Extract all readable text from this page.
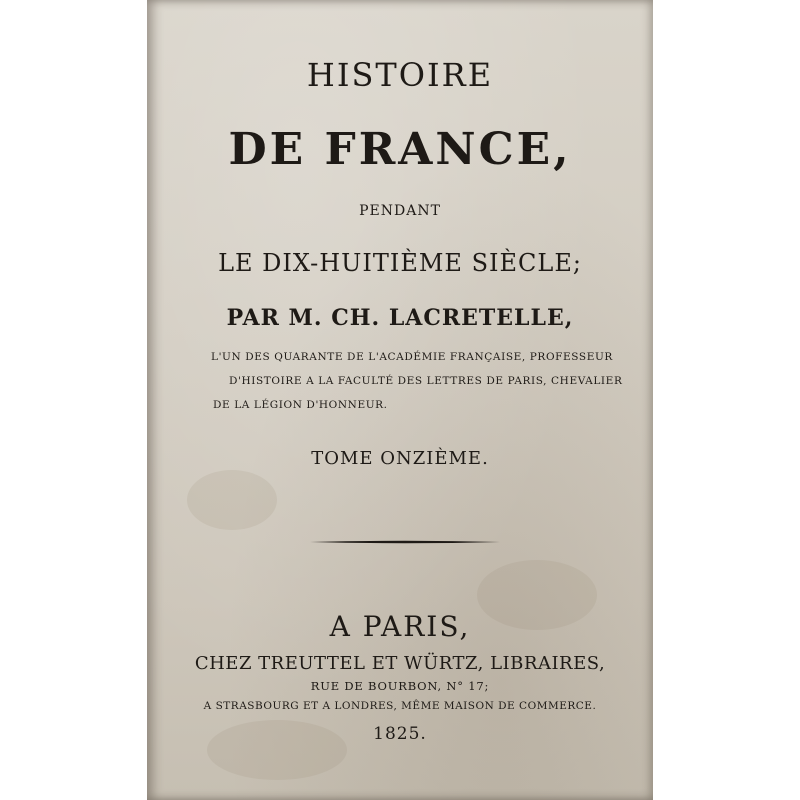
HISTOIRE
DE FRANCE,
PENDANT
LE DIX-HUITIÈME SIÈCLE;
PAR M. CH. LACRETELLE,
L'UN DES QUARANTE DE L'ACADÉMIE FRANÇAISE, PROFESSEUR
D'HISTOIRE A LA FACULTÉ DES LETTRES DE PARIS, CHEVALIER
DE LA LÉGION D'HONNEUR.
TOME ONZIÈME.
A PARIS,
CHEZ TREUTTEL ET WÜRTZ, LIBRAIRES,
RUE DE BOURBON, N° 17;
A STRASBOURG ET A LONDRES, MÊME MAISON DE COMMERCE.
1825.
